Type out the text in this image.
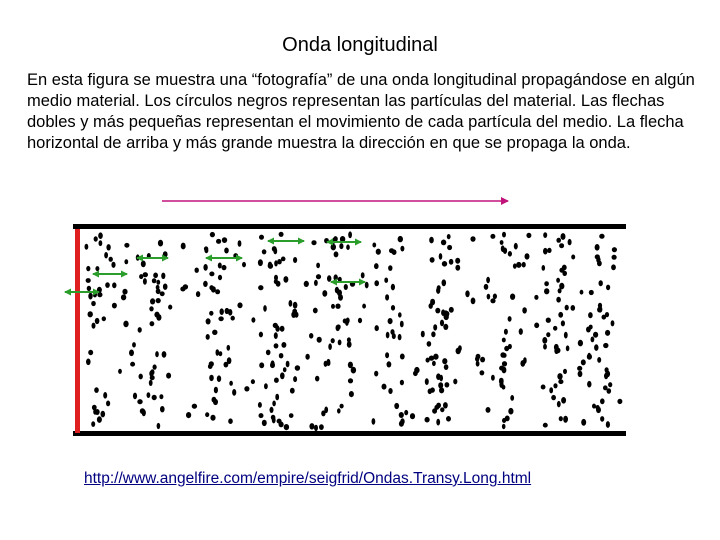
Onda longitudinal

En esta figura se muestra una “fotografía” de una onda longitudinal propagándose en algún medio material. Los círculos negros representan las partículas del material. Las flechas dobles y más pequeñas representan el movimiento de cada partícula del medio. La flecha horizontal de arriba y más grande muestra la dirección en que se propaga la onda.

http://www.angelfire.com/empire/seigfrid/Ondas.Transy.Long.html
